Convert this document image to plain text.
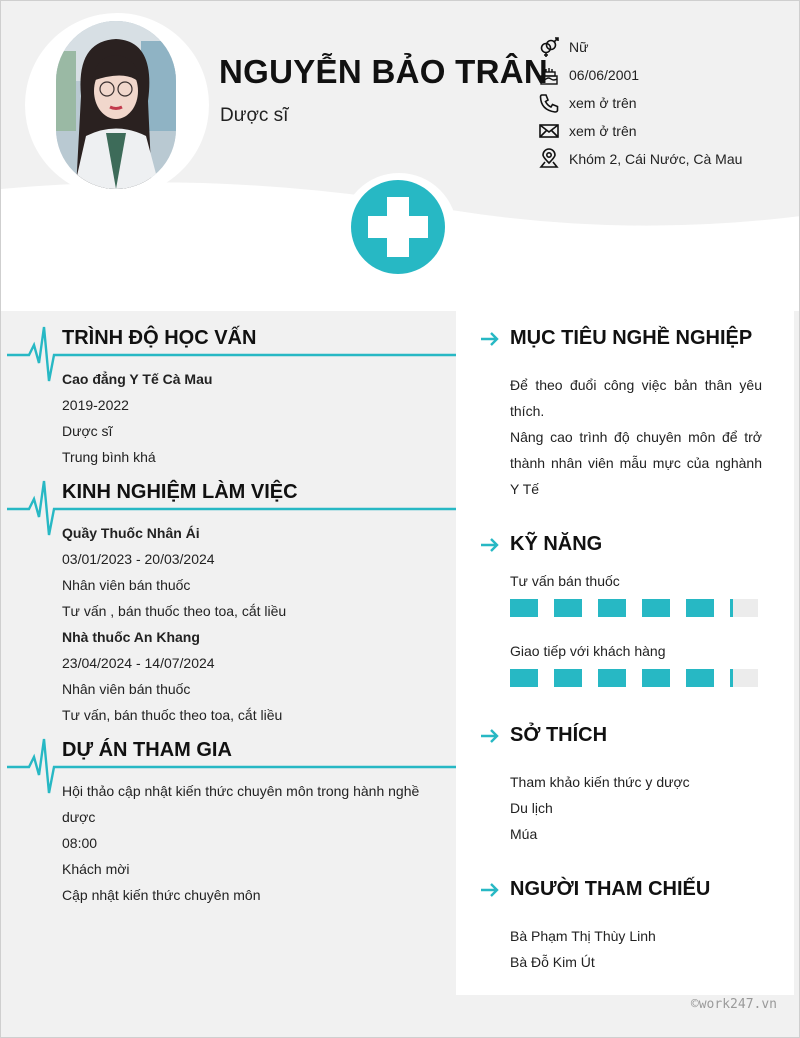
NGUYỄN BẢO TRÂN
Dược sĩ
Nữ
06/06/2001
xem ở trên
xem ở trên
Khóm 2, Cái Nước, Cà Mau
TRÌNH ĐỘ HỌC VẤN
Cao đẳng Y Tế Cà Mau
2019-2022
Dược sĩ
Trung bình khá
KINH NGHIỆM LÀM VIỆC
Quầy Thuốc Nhân Ái
03/01/2023 - 20/03/2024
Nhân viên bán thuốc
Tư vấn , bán thuốc theo toa, cắt liều
Nhà thuốc An Khang
23/04/2024 - 14/07/2024
Nhân viên bán thuốc
Tư vấn, bán thuốc theo toa, cắt liều
DỰ ÁN THAM GIA
Hội thảo cập nhật kiến thức chuyên môn trong hành nghề
dược
08:00
Khách mời
Cập nhật kiến thức chuyên môn
MỤC TIÊU NGHỀ NGHIỆP
Để theo đuổi công việc bản thân yêu thích.
Nâng cao trình độ chuyên môn để trở thành nhân viên mẫu mực của nghành Y Tế
KỸ NĂNG
Tư vấn bán thuốc
Giao tiếp với khách hàng
SỞ THÍCH
Tham khảo kiến thức y dược
Du lịch
Múa
NGƯỜI THAM CHIẾU
Bà Phạm Thị Thùy Linh
Bà Đỗ Kim Út
©work247.vn
